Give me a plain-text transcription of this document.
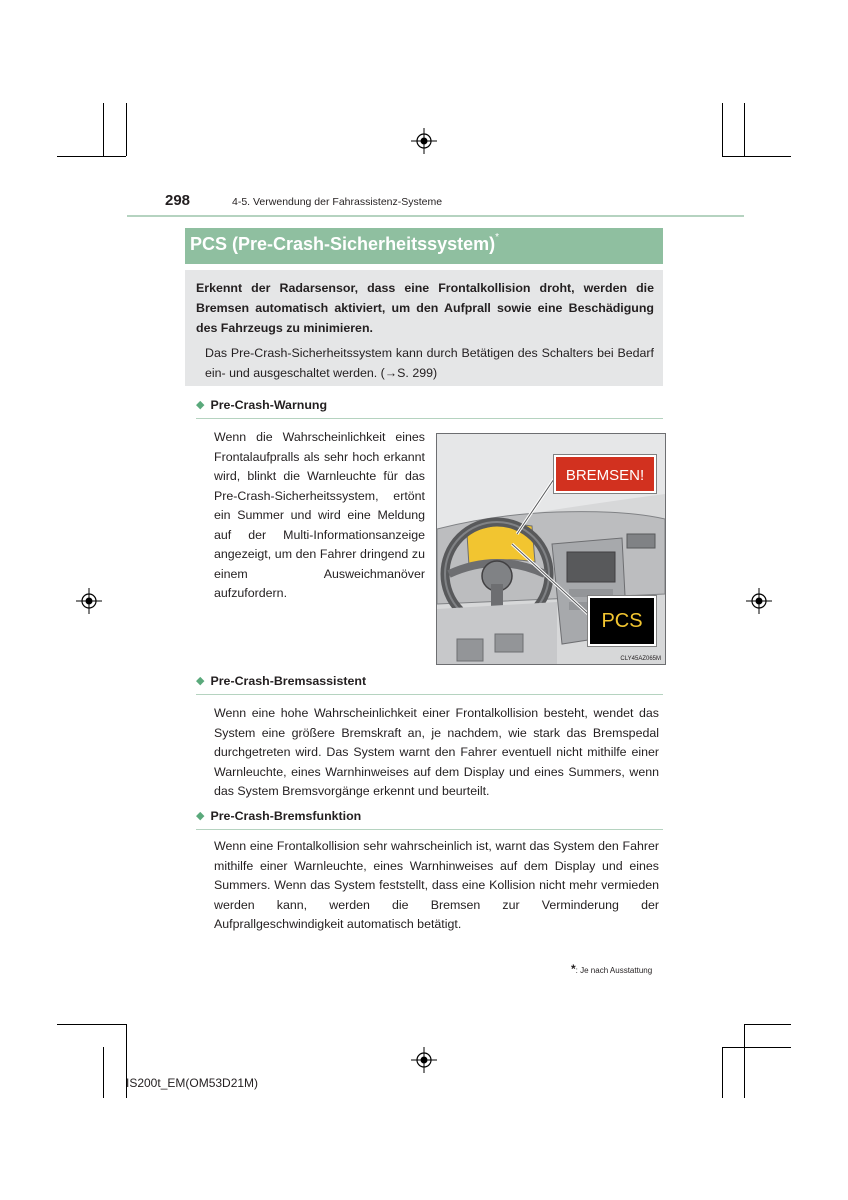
298	4-5. Verwendung der Fahrassistenz-Systeme
PCS (Pre-Crash-Sicherheitssystem)*
Erkennt der Radarsensor, dass eine Frontalkollision droht, werden die Bremsen automatisch aktiviert, um den Aufprall sowie eine Beschädigung des Fahrzeugs zu minimieren.
Das Pre-Crash-Sicherheitssystem kann durch Betätigen des Schalters bei Bedarf ein- und ausgeschaltet werden. (→S. 299)
◆ Pre-Crash-Warnung
Wenn die Wahrscheinlichkeit eines Frontalaufpralls als sehr hoch erkannt wird, blinkt die Warnleuchte für das Pre-Crash-Sicherheitssystem, ertönt ein Summer und wird eine Meldung auf der Multi-Informationsanzeige angezeigt, um den Fahrer dringend zu einem Ausweichmanöver aufzufordern.
BREMSEN!
PCS
CLY45AZ065M
◆ Pre-Crash-Bremsassistent
Wenn eine hohe Wahrscheinlichkeit einer Frontalkollision besteht, wendet das System eine größere Bremskraft an, je nachdem, wie stark das Bremspedal durchgetreten wird. Das System warnt den Fahrer eventuell nicht mithilfe einer Warnleuchte, eines Warnhinweises auf dem Display und eines Summers, wenn das System Bremsvorgänge erkennt und beurteilt.
◆ Pre-Crash-Bremsfunktion
Wenn eine Frontalkollision sehr wahrscheinlich ist, warnt das System den Fahrer mithilfe einer Warnleuchte, eines Warnhinweises auf dem Display und eines Summers. Wenn das System feststellt, dass eine Kollision nicht mehr vermieden werden kann, werden die Bremsen zur Verminderung der Aufprallgeschwindigkeit automatisch betätigt.
*: Je nach Ausstattung
IS200t_EM(OM53D21M)
